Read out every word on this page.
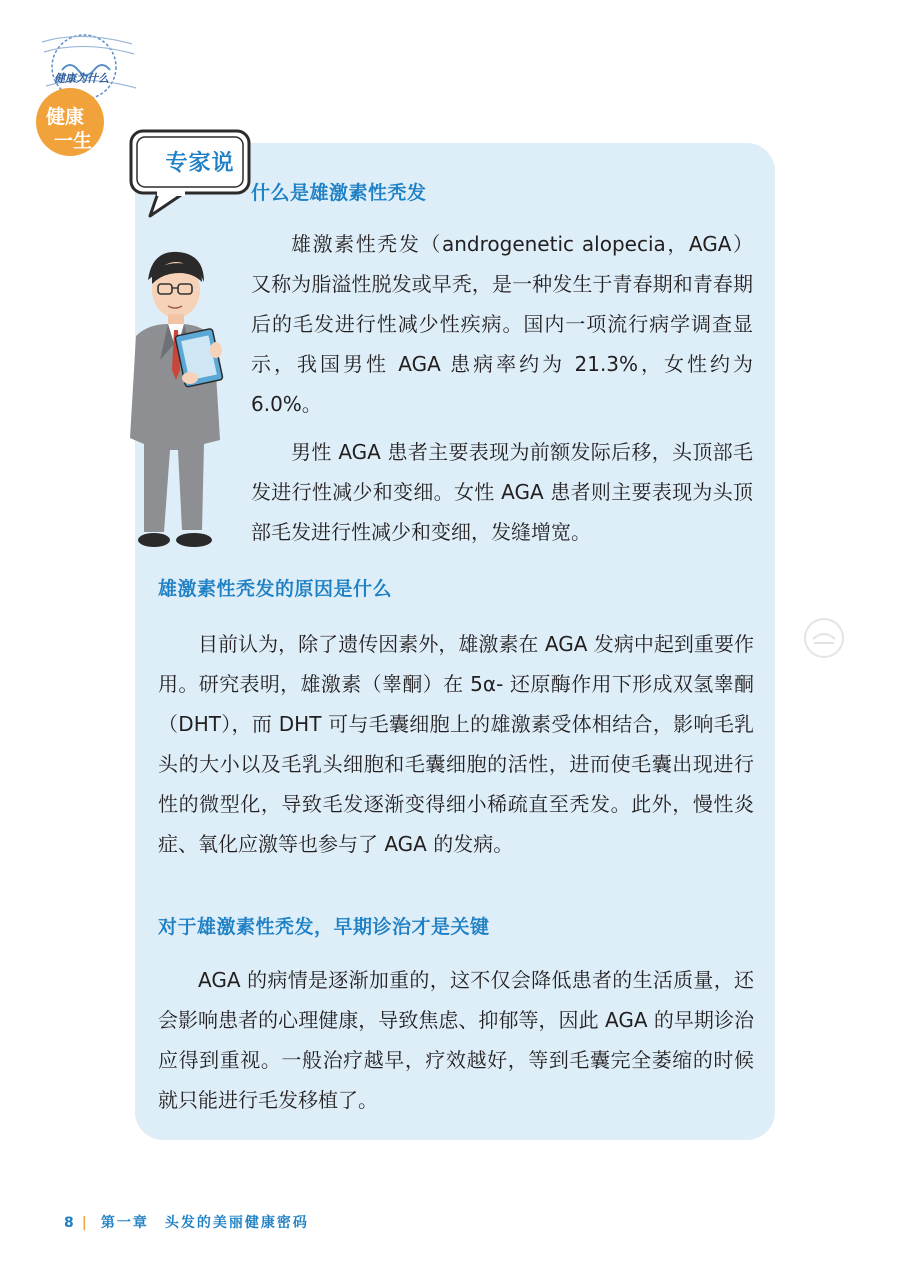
健康
一生
健康为什么
专家说
什么是雄激素性秃发

雄激素性秃发（androgenetic alopecia，AGA）又称为脂溢性脱发或早秃，是一种发生于青春期和青春期后的毛发进行性减少性疾病。国内一项流行病学调查显示，我国男性 AGA 患病率约为 21.3%，女性约为 6.0%。

男性 AGA 患者主要表现为前额发际后移，头顶部毛发进行性减少和变细。女性 AGA 患者则主要表现为头顶部毛发进行性减少和变细，发缝增宽。

雄激素性秃发的原因是什么

目前认为，除了遗传因素外，雄激素在 AGA 发病中起到重要作用。研究表明，雄激素（睾酮）在 5α- 还原酶作用下形成双氢睾酮（DHT），而 DHT 可与毛囊细胞上的雄激素受体相结合，影响毛乳头的大小以及毛乳头细胞和毛囊细胞的活性，进而使毛囊出现进行性的微型化，导致毛发逐渐变得细小稀疏直至秃发。此外，慢性炎症、氧化应激等也参与了 AGA 的发病。

对于雄激素性秃发，早期诊治才是关键

AGA 的病情是逐渐加重的，这不仅会降低患者的生活质量，还会影响患者的心理健康，导致焦虑、抑郁等，因此 AGA 的早期诊治应得到重视。一般治疗越早，疗效越好，等到毛囊完全萎缩的时候就只能进行毛发移植了。

8 | 第一章　头发的美丽健康密码
